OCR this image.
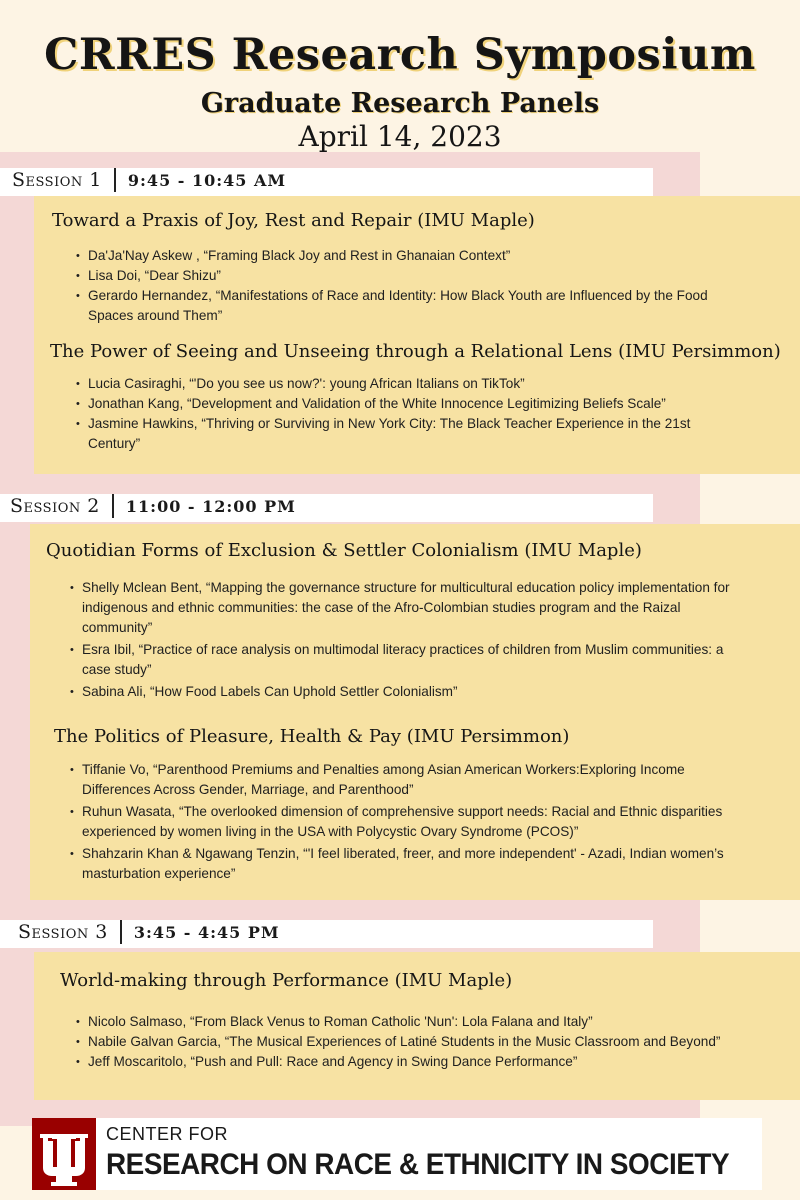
CRRES Research Symposium
Graduate Research Panels
April 14, 2023
Session 1 9:45 - 10:45 AM
Toward a Praxis of Joy, Rest and Repair (IMU Maple)
• Da'Ja'Nay Askew , “Framing Black Joy and Rest in Ghanaian Context”
• Lisa Doi, “Dear Shizu”
• Gerardo Hernandez, “Manifestations of Race and Identity: How Black Youth are Influenced by the Food Spaces around Them”
The Power of Seeing and Unseeing through a Relational Lens (IMU Persimmon)
• Lucia Casiraghi, “'Do you see us now?': young African Italians on TikTok”
• Jonathan Kang, “Development and Validation of the White Innocence Legitimizing Beliefs Scale”
• Jasmine Hawkins, “Thriving or Surviving in New York City: The Black Teacher Experience in the 21st Century”
Session 2 11:00 - 12:00 PM
Quotidian Forms of Exclusion & Settler Colonialism (IMU Maple)
• Shelly Mclean Bent, “Mapping the governance structure for multicultural education policy implementation for indigenous and ethnic communities: the case of the Afro-Colombian studies program and the Raizal community”
• Esra Ibil, “Practice of race analysis on multimodal literacy practices of children from Muslim communities: a case study”
• Sabina Ali, “How Food Labels Can Uphold Settler Colonialism”
The Politics of Pleasure, Health & Pay (IMU Persimmon)
• Tiffanie Vo, “Parenthood Premiums and Penalties among Asian American Workers:Exploring Income Differences Across Gender, Marriage, and Parenthood”
• Ruhun Wasata, “The overlooked dimension of comprehensive support needs: Racial and Ethnic disparities experienced by women living in the USA with Polycystic Ovary Syndrome (PCOS)”
• Shahzarin Khan & Ngawang Tenzin, “'I feel liberated, freer, and more independent' - Azadi, Indian women’s masturbation experience”
Session 3 3:45 - 4:45 PM
World-making through Performance (IMU Maple)
• Nicolo Salmaso, “From Black Venus to Roman Catholic 'Nun': Lola Falana and Italy”
• Nabile Galvan Garcia, “The Musical Experiences of Latiné Students in the Music Classroom and Beyond”
• Jeff Moscaritolo, “Push and Pull: Race and Agency in Swing Dance Performance”
CENTER FOR
RESEARCH ON RACE & ETHNICITY IN SOCIETY
